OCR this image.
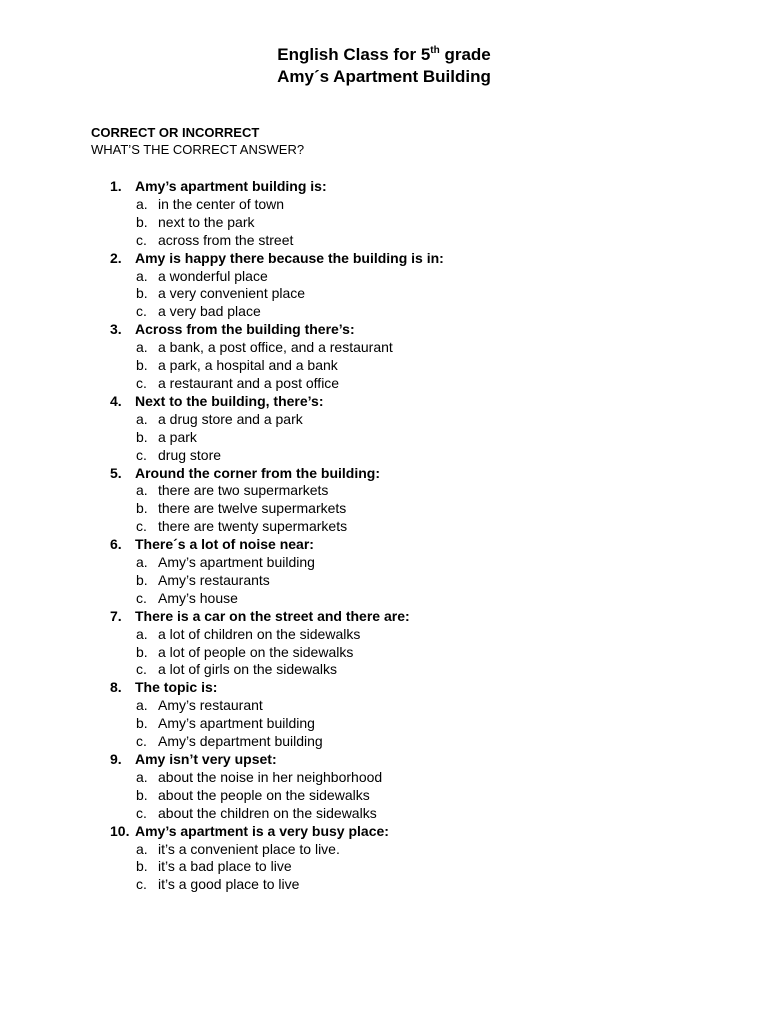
English Class for 5th grade
Amy´s Apartment Building
CORRECT OR INCORRECT
WHAT’S THE CORRECT ANSWER?
1. Amy’s apartment building is:
a. in the center of town
b. next to the park
c. across from the street
2. Amy is happy there because the building is in:
a. a wonderful place
b. a very convenient place
c. a very bad place
3. Across from the building there’s:
a. a bank, a post office, and a restaurant
b. a park, a hospital and a bank
c. a restaurant and a post office
4. Next to the building, there’s:
a. a drug store and a park
b. a park
c. drug store
5. Around the corner from the building:
a. there are two supermarkets
b. there are twelve supermarkets
c. there are twenty supermarkets
6. There´s a lot of noise near:
a. Amy’s apartment building
b. Amy’s restaurants
c. Amy’s house
7. There is a car on the street and there are:
a. a lot of children on the sidewalks
b. a lot of people on the sidewalks
c. a lot of girls on the sidewalks
8. The topic is:
a. Amy’s restaurant
b. Amy’s apartment building
c. Amy’s department building
9. Amy isn’t very upset:
a. about the noise in her neighborhood
b. about the people on the sidewalks
c. about the children on the sidewalks
10. Amy’s apartment is a very busy place:
a. it’s a convenient place to live.
b. it’s a bad place to live
c. it’s a good place to live
